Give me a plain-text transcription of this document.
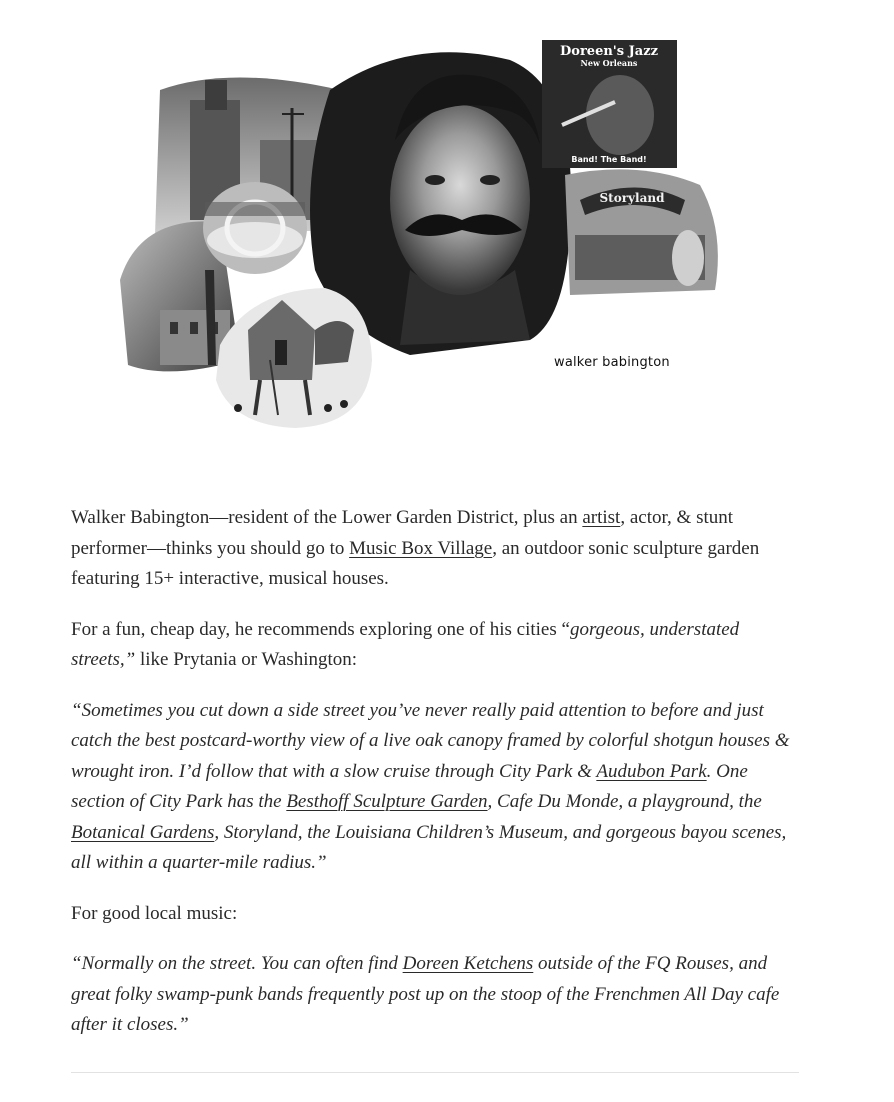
Doreen's Jazz
New Orleans
Band! The Band!
Storyland
walker babington

Walker Babington—resident of the Lower Garden District, plus an artist, actor, & stunt performer—thinks you should go to Music Box Village, an outdoor sonic sculpture garden featuring 15+ interactive, musical houses.

For a fun, cheap day, he recommends exploring one of his cities “gorgeous, understated streets,” like Prytania or Washington:

“Sometimes you cut down a side street you’ve never really paid attention to before and just catch the best postcard-worthy view of a live oak canopy framed by colorful shotgun houses & wrought iron. I’d follow that with a slow cruise through City Park & Audubon Park. One section of City Park has the Besthoff Sculpture Garden, Cafe Du Monde, a playground, the Botanical Gardens, Storyland, the Louisiana Children’s Museum, and gorgeous bayou scenes, all within a quarter-mile radius.”

For good local music:

“Normally on the street. You can often find Doreen Ketchens outside of the FQ Rouses, and great folky swamp-punk bands frequently post up on the stoop of the Frenchmen All Day cafe after it closes.”
